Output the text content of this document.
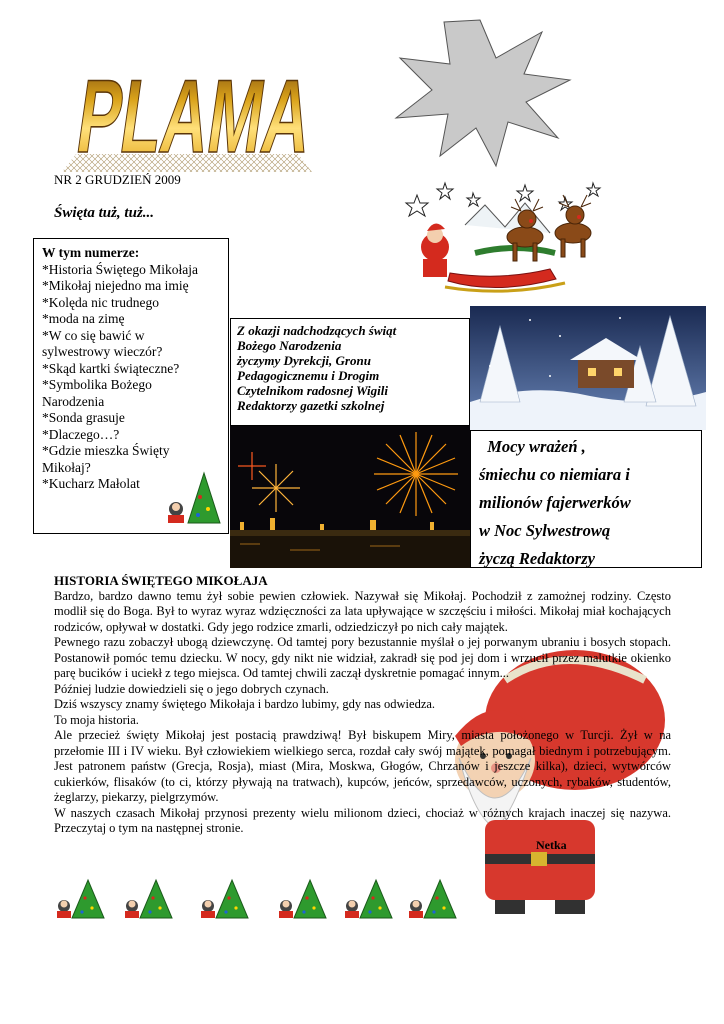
PLAMA
NR 2 GRUDZIEŃ 2009
Święta tuż, tuż...
W tym numerze:
*Historia Świętego Mikołaja
*Mikołaj niejedno ma imię
*Kolęda nic trudnego
*moda na zimę
*W co się bawić w
sylwestrowy wieczór?
*Skąd kartki świąteczne?
*Symbolika Bożego
Narodzenia
*Sonda grasuje
*Dlaczego…?
*Gdzie mieszka Święty
Mikołaj?
*Kucharz Małolat
Z okazji nadchodzących świąt
Bożego Narodzenia
życzymy Dyrekcji, Gronu
Pedagogicznemu i Drogim
Czytelnikom radosnej Wigili
Redaktorzy gazetki szkolnej
Mocy wrażeń ,
śmiechu co niemiara i
milionów fajerwerków
w Noc Sylwestrową
życzą Redaktorzy
HISTORIA ŚWIĘTEGO MIKOŁAJA

Bardzo, bardzo dawno temu żył sobie pewien człowiek. Nazywał się Mikołaj. Pochodził z zamożnej rodziny. Często modlił się do Boga. Był to wyraz wyraz wdzięczności za lata upływające w szczęściu i miłości. Mikołaj miał kochających rodziców, opływał w dostatki. Gdy jego rodzice zmarli, odziedziczył po nich cały majątek.

Pewnego razu zobaczył ubogą dziewczynę. Od tamtej pory bezustannie myślał o jej porwanym ubraniu i bosych stopach. Postanowił pomóc temu dziecku. W nocy, gdy nikt nie widział, zakradł się pod jej dom i wrzucił przez malutkie okienko parę bucików i uciekł z tego miejsca. Od tamtej chwili zaczął dyskretnie pomagać innym...

Później ludzie dowiedzieli się o jego dobrych czynach.

Dziś wszyscy znamy świętego Mikołaja i bardzo lubimy, gdy nas odwiedza.

To moja historia.

Ale przecież święty Mikołaj jest postacią prawdziwą! Był biskupem Miry, miasta położonego w Turcji. Żył w na przełomie III i IV wieku. Był człowiekiem wielkiego serca, rozdał cały swój majątek, pomagał biednym i potrzebującym. Jest patronem państw (Grecja, Rosja), miast (Mira, Moskwa, Głogów, Chrzanów i jeszcze kilka), dzieci, wytwórców cukierków, flisaków (to ci, którzy pływają na tratwach), kupców, jeńców, sprzedawców, uczonych, rybaków, studentów, żeglarzy, piekarzy, pielgrzymów.

W naszych czasach Mikołaj przynosi prezenty wielu milionom dzieci, chociaż w różnych krajach inaczej się nazywa. Przeczytaj o tym na następnej stronie.

Netka
